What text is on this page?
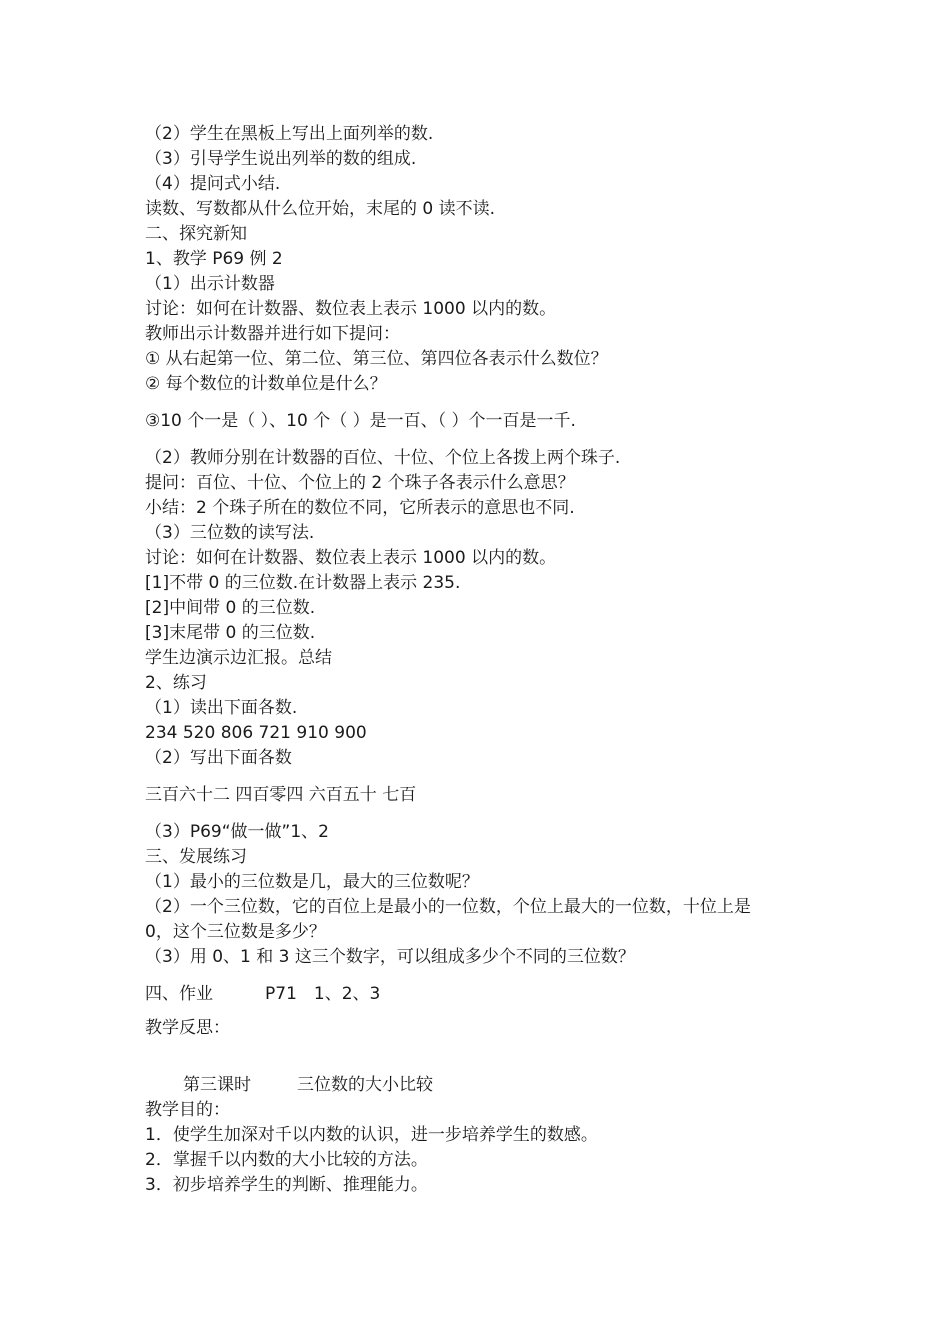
（2）学生在黑板上写出上面列举的数.
（3）引导学生说出列举的数的组成.
（4）提问式小结.
读数、写数都从什么位开始，末尾的 0 读不读.
二、探究新知
1、教学 P69 例 2
（1）出示计数器
讨论：如何在计数器、数位表上表示 1000 以内的数。
教师出示计数器并进行如下提问：
① 从右起第一位、第二位、第三位、第四位各表示什么数位？
② 每个数位的计数单位是什么？
③10 个一是（ ）、10 个（ ）是一百、（ ）个一百是一千.
（2）教师分别在计数器的百位、十位、个位上各拨上两个珠子.
提问：百位、十位、个位上的 2 个珠子各表示什么意思？
小结：2 个珠子所在的数位不同，它所表示的意思也不同.
（3）三位数的读写法.
讨论：如何在计数器、数位表上表示 1000 以内的数。
[1]不带 0 的三位数.在计数器上表示 235.
[2]中间带 0 的三位数.
[3]末尾带 0 的三位数.
学生边演示边汇报。总结
2、练习
（1）读出下面各数.
234 520 806 721 910 900
（2）写出下面各数
三百六十二 四百零四 六百五十 七百
（3）P69“做一做”1、2
三、发展练习
（1）最小的三位数是几，最大的三位数呢？
（2）一个三位数，它的百位上是最小的一位数，个位上最大的一位数，十位上是
0，这个三位数是多少？
（3）用 0、1 和 3 这三个数字，可以组成多少个不同的三位数？
四、作业	P71　1、2、3
教学反思：
第三课时	三位数的大小比较
教学目的：
1．使学生加深对千以内数的认识，进一步培养学生的数感。
2．掌握千以内数的大小比较的方法。
3．初步培养学生的判断、推理能力。
